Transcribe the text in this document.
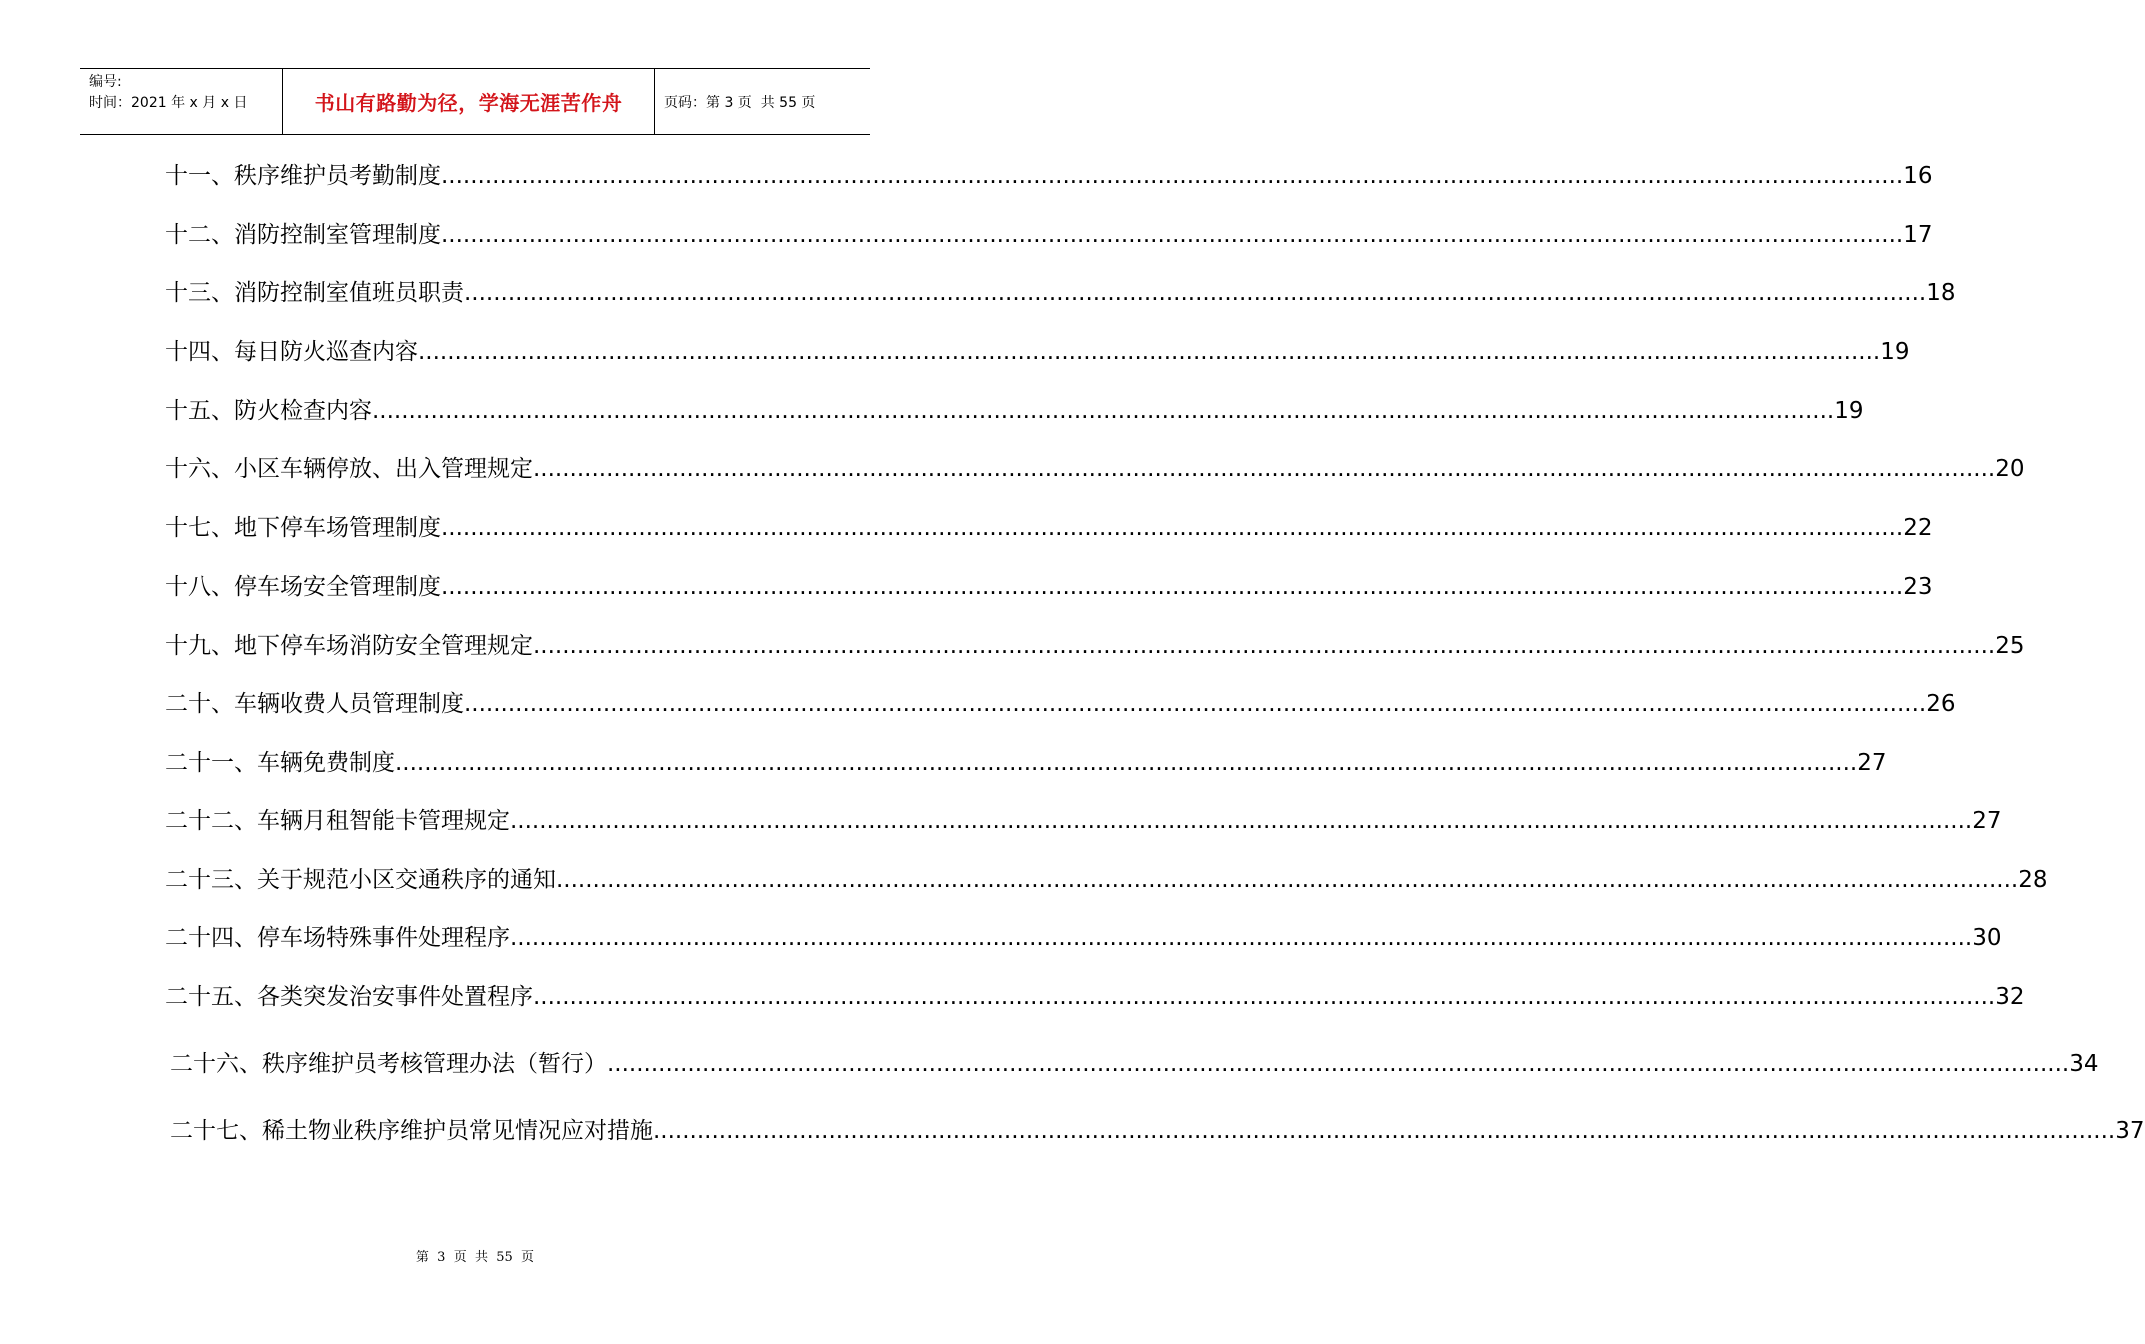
编号:
时间：2021 年 x 月 x 日	书山有路勤为径，学海无涯苦作舟	页码：第 3 页  共 55 页
十一、秩序维护员考勤制度 ........................................................................................................................................................................................................ 16
十二、消防控制室管理制度 ........................................................................................................................................................................................................ 17
十三、消防控制室值班员职责 ........................................................................................................................................................................................................ 18
十四、每日防火巡查内容 ........................................................................................................................................................................................................ 19
十五、防火检查内容 ........................................................................................................................................................................................................ 19
十六、小区车辆停放、出入管理规定 ........................................................................................................................................................................................................ 20
十七、地下停车场管理制度 ........................................................................................................................................................................................................ 22
十八、停车场安全管理制度 ........................................................................................................................................................................................................ 23
十九、地下停车场消防安全管理规定 ........................................................................................................................................................................................................ 25
二十、车辆收费人员管理制度 ........................................................................................................................................................................................................ 26
二十一、车辆免费制度 ........................................................................................................................................................................................................ 27
二十二、车辆月租智能卡管理规定 ........................................................................................................................................................................................................ 27
二十三、关于规范小区交通秩序的通知 ........................................................................................................................................................................................................ 28
二十四、停车场特殊事件处理程序 ........................................................................................................................................................................................................ 30
二十五、各类突发治安事件处置程序 ........................................................................................................................................................................................................ 32
二十六、秩序维护员考核管理办法（暂行） ........................................................................................................................................................................................................ 34
二十七、稀土物业秩序维护员常见情况应对措施 ........................................................................................................................................................................................................ 37
第  3  页  共  55  页
